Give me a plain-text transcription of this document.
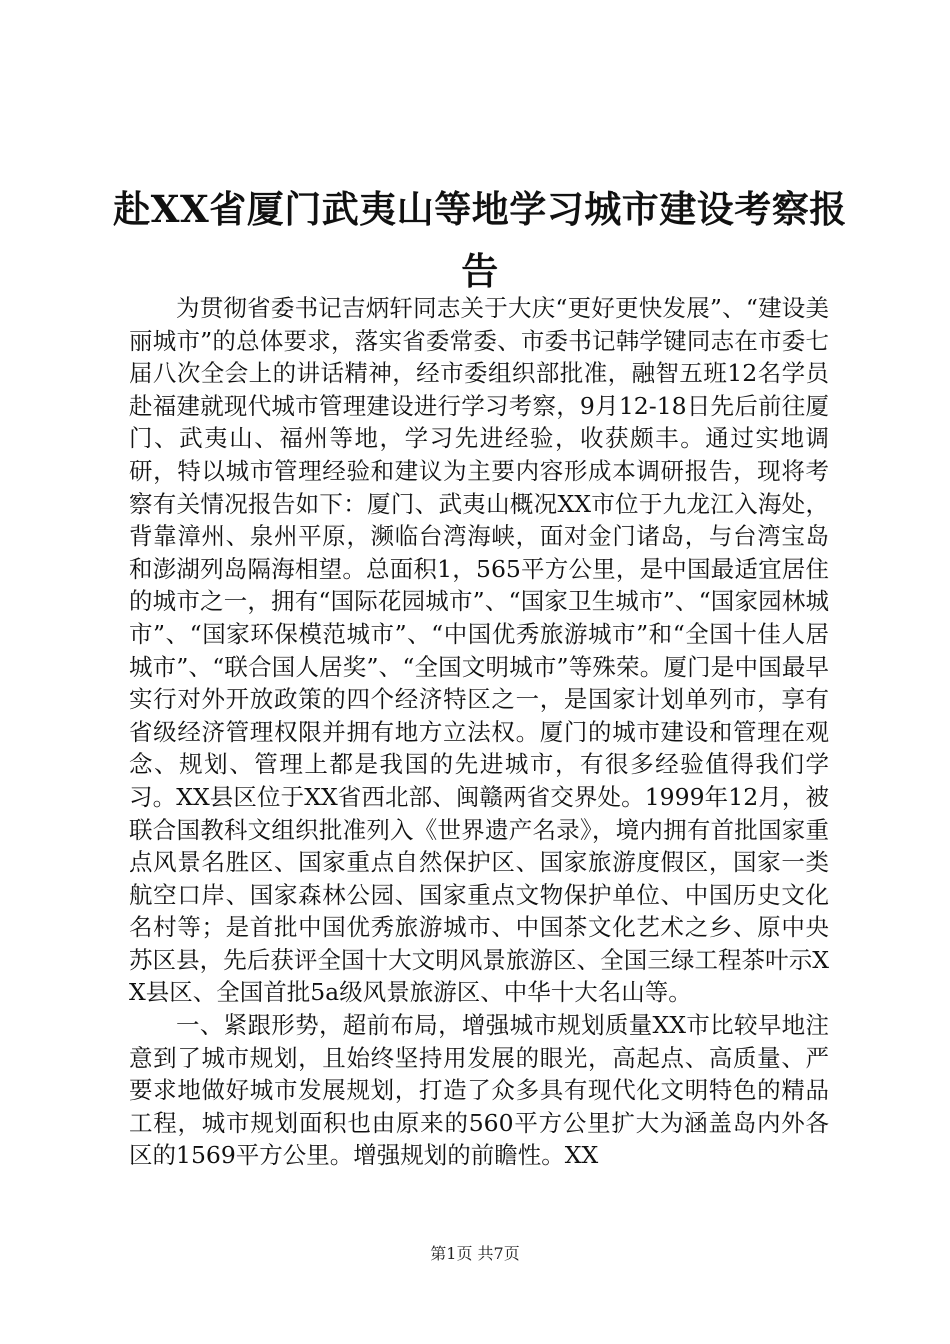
赴XX省厦门武夷山等地学习城市建设考察报告

为贯彻省委书记吉炳轩同志关于大庆“更好更快发展”、“建设美丽城市”的总体要求，落实省委常委、市委书记韩学键同志在市委七届八次全会上的讲话精神，经市委组织部批准，融智五班12名学员赴福建就现代城市管理建设进行学习考察，9月12-18日先后前往厦门、武夷山、福州等地，学习先进经验，收获颇丰。通过实地调研，特以城市管理经验和建议为主要内容形成本调研报告，现将考察有关情况报告如下：厦门、武夷山概况XX市位于九龙江入海处，背靠漳州、泉州平原，濒临台湾海峡，面对金门诸岛，与台湾宝岛和澎湖列岛隔海相望。总面积1，565平方公里，是中国最适宜居住的城市之一，拥有“国际花园城市”、“国家卫生城市”、“国家园林城市”、“国家环保模范城市”、“中国优秀旅游城市”和“全国十佳人居城市”、“联合国人居奖”、“全国文明城市”等殊荣。厦门是中国最早实行对外开放政策的四个经济特区之一，是国家计划单列市，享有省级经济管理权限并拥有地方立法权。厦门的城市建设和管理在观念、规划、管理上都是我国的先进城市，有很多经验值得我们学习。XX县区位于XX省西北部、闽赣两省交界处。1999年12月，被联合国教科文组织批准列入《世界遗产名录》，境内拥有首批国家重点风景名胜区、国家重点自然保护区、国家旅游度假区，国家一类航空口岸、国家森林公园、国家重点文物保护单位、中国历史文化名村等；是首批中国优秀旅游城市、中国茶文化艺术之乡、原中央苏区县，先后获评全国十大文明风景旅游区、全国三绿工程茶叶示XX县区、全国首批5a级风景旅游区、中华十大名山等。

一、紧跟形势，超前布局，增强城市规划质量XX市比较早地注意到了城市规划，且始终坚持用发展的眼光，高起点、高质量、严要求地做好城市发展规划，打造了众多具有现代化文明特色的精品工程，城市规划面积也由原来的560平方公里扩大为涵盖岛内外各区的1569平方公里。增强规划的前瞻性。XX

第1页 共7页
